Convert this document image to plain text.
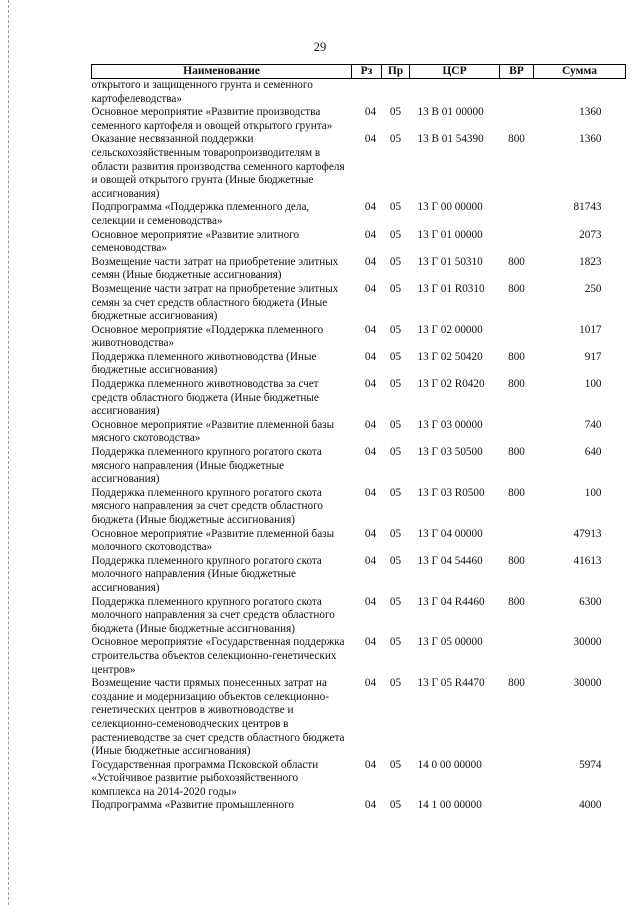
29
Наименование	Рз	Пр	ЦСР	ВР	Сумма
открытого и защищенного грунта и семенного картофелеводства»					
Основное мероприятие «Развитие производства семенного картофеля и овощей открытого грунта»	04	05	13 В 01 00000		1360
Оказание несвязанной поддержки сельскохозяйственным товаропроизводителям в области развития производства семенного картофеля и овощей открытого грунта (Иные бюджетные ассигнования)	04	05	13 В 01 54390	800	1360
Подпрограмма «Поддержка племенного дела, селекции и семеноводства»	04	05	13 Г 00 00000		81743
Основное мероприятие «Развитие элитного семеноводства»	04	05	13 Г 01 00000		2073
Возмещение части затрат на приобретение элитных семян (Иные бюджетные ассигнования)	04	05	13 Г 01 50310	800	1823
Возмещение части затрат на приобретение элитных семян за счет средств областного бюджета (Иные бюджетные ассигнования)	04	05	13 Г 01 R0310	800	250
Основное мероприятие «Поддержка племенного животноводства»	04	05	13 Г 02 00000		1017
Поддержка племенного животноводства (Иные бюджетные ассигнования)	04	05	13 Г 02 50420	800	917
Поддержка племенного животноводства за счет средств областного бюджета (Иные бюджетные ассигнования)	04	05	13 Г 02 R0420	800	100
Основное мероприятие «Развитие племенной базы мясного скотоводства»	04	05	13 Г 03 00000		740
Поддержка племенного крупного рогатого скота мясного направления (Иные бюджетные ассигнования)	04	05	13 Г 03 50500	800	640
Поддержка племенного крупного рогатого скота мясного направления за счет средств областного бюджета (Иные бюджетные ассигнования)	04	05	13 Г 03 R0500	800	100
Основное мероприятие «Развитие племенной базы молочного скотоводства»	04	05	13 Г 04 00000		47913
Поддержка племенного крупного рогатого скота молочного направления (Иные бюджетные ассигнования)	04	05	13 Г 04 54460	800	41613
Поддержка племенного крупного рогатого скота молочного направления за счет средств областного бюджета (Иные бюджетные ассигнования)	04	05	13 Г 04 R4460	800	6300
Основное мероприятие «Государственная поддержка строительства объектов селекционно-генетических центров»	04	05	13 Г 05 00000		30000
Возмещение части прямых понесенных затрат на создание и модернизацию объектов селекционно-генетических центров в животноводстве и селекционно-семеноводческих центров в растениеводстве за счет средств областного бюджета (Иные бюджетные ассигнования)	04	05	13 Г 05 R4470	800	30000
Государственная программа Псковской области «Устойчивое развитие рыбохозяйственного комплекса на 2014-2020 годы»	04	05	14 0 00 00000		5974
Подпрограмма «Развитие промышленного	04	05	14 1 00 00000		4000
